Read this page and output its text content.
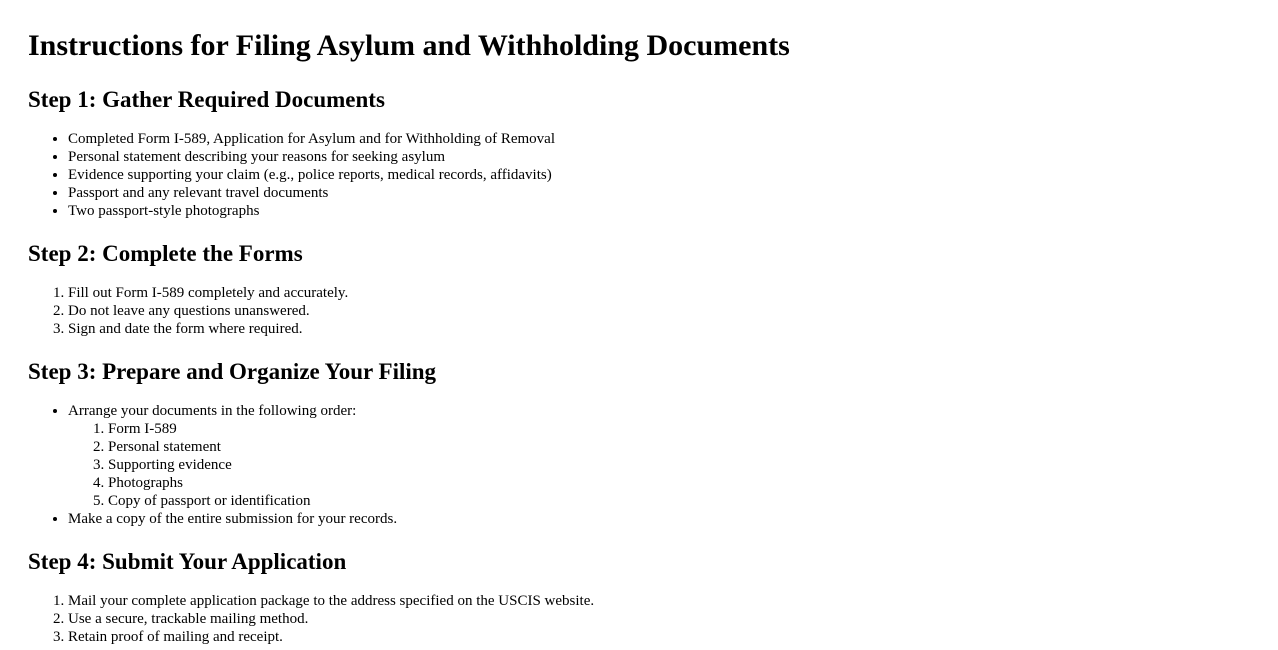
Instructions for Filing Asylum and Withholding Documents
Step 1: Gather Required Documents
• Completed Form I-589, Application for Asylum and for Withholding of Removal
• Personal statement describing your reasons for seeking asylum
• Evidence supporting your claim (e.g., police reports, medical records, affidavits)
• Passport and any relevant travel documents
• Two passport-style photographs
Step 2: Complete the Forms
1. Fill out Form I-589 completely and accurately.
2. Do not leave any questions unanswered.
3. Sign and date the form where required.
Step 3: Prepare and Organize Your Filing
• Arrange your documents in the following order:
1. Form I-589
2. Personal statement
3. Supporting evidence
4. Photographs
5. Copy of passport or identification
• Make a copy of the entire submission for your records.
Step 4: Submit Your Application
1. Mail your complete application package to the address specified on the USCIS website.
2. Use a secure, trackable mailing method.
3. Retain proof of mailing and receipt.
